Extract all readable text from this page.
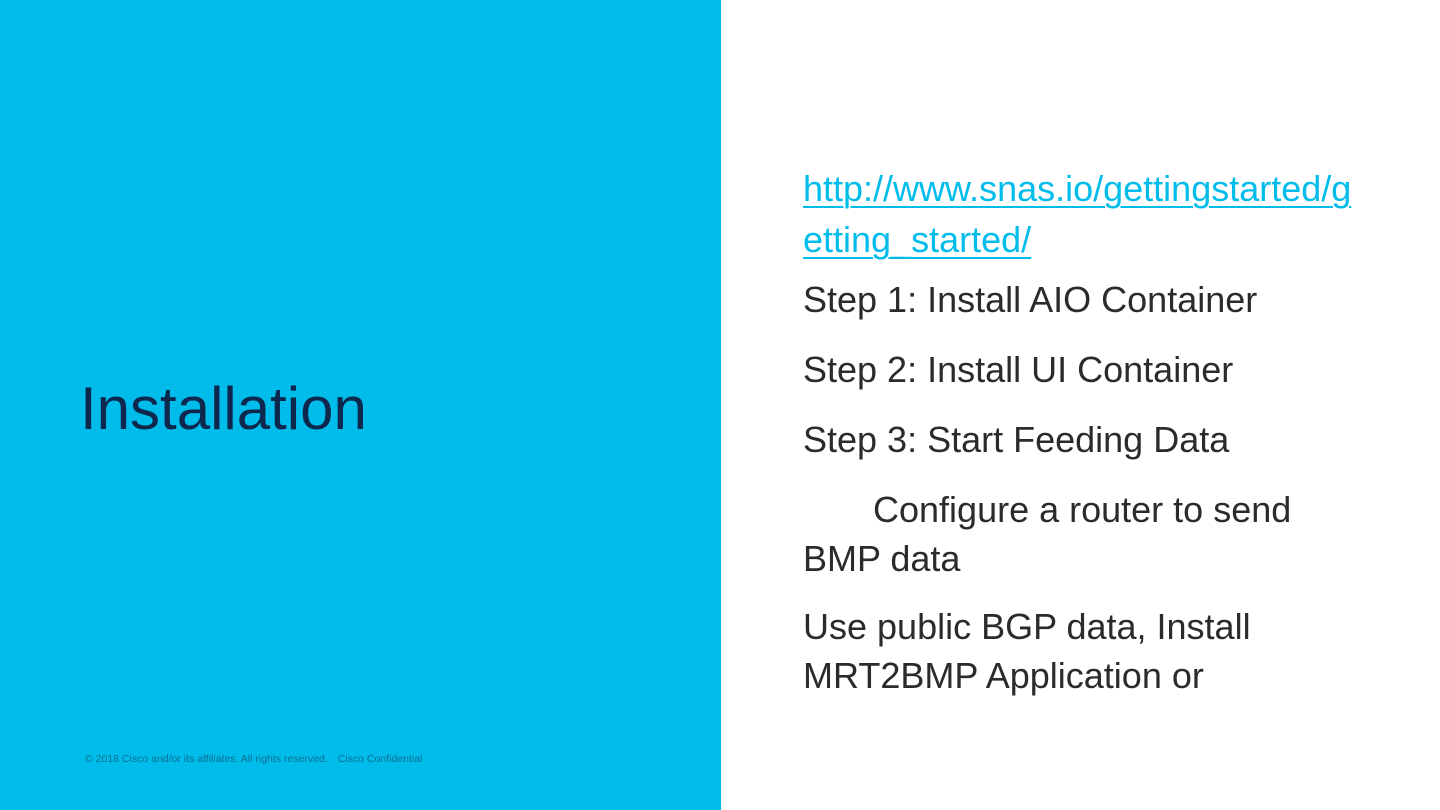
Installation
© 2018 Cisco and/or its affiliates. All rights reserved. Cisco Confidential
http://www.snas.io/gettingstarted/getting_started/

Step 1: Install AIO Container

Step 2: Install UI Container

Step 3: Start Feeding Data

Configure a router to send BMP data

Use public BGP data, Install MRT2BMP Application or
